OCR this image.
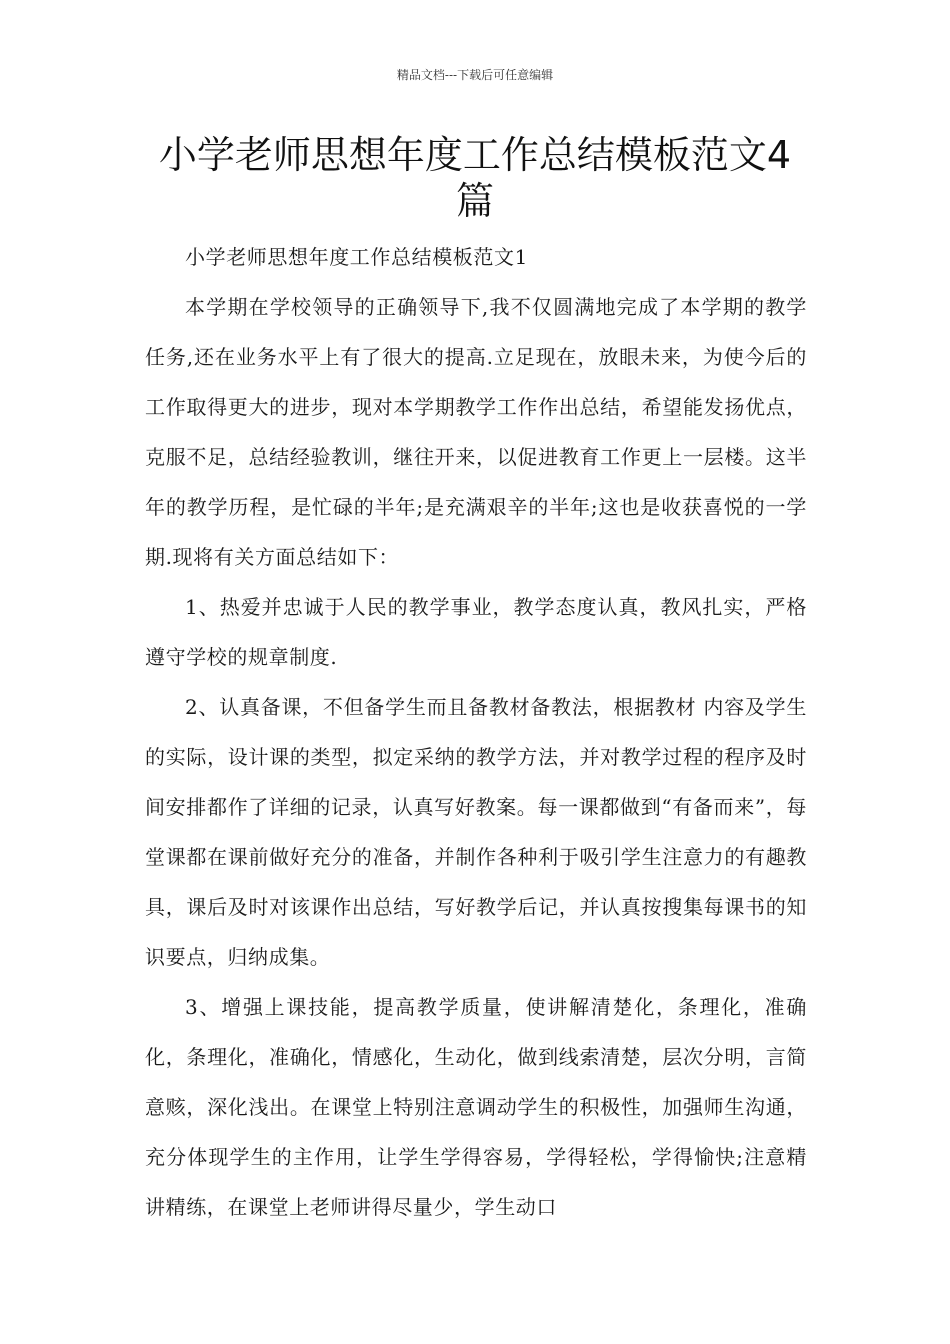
精品文档---下载后可任意编辑
小学老师思想年度工作总结模板范文4篇

小学老师思想年度工作总结模板范文1

本学期在学校领导的正确领导下,我不仅圆满地完成了本学期的教学任务,还在业务水平上有了很大的提高.立足现在，放眼未来，为使今后的工作取得更大的进步，现对本学期教学工作作出总结，希望能发扬优点，克服不足，总结经验教训，继往开来，以促进教育工作更上一层楼。这半年的教学历程，是忙碌的半年;是充满艰辛的半年;这也是收获喜悦的一学期.现将有关方面总结如下：

1、热爱并忠诚于人民的教学事业，教学态度认真，教风扎实，严格遵守学校的规章制度.

2、认真备课，不但备学生而且备教材备教法，根据教材 内容及学生的实际，设计课的类型，拟定采纳的教学方法，并对教学过程的程序及时间安排都作了详细的记录，认真写好教案。每一课都做到“有备而来”，每堂课都在课前做好充分的准备，并制作各种利于吸引学生注意力的有趣教具，课后及时对该课作出总结，写好教学后记，并认真按搜集每课书的知识要点，归纳成集。

3、增强上课技能，提高教学质量，使讲解清楚化，条理化，准确化，条理化，准确化，情感化，生动化，做到线索清楚，层次分明，言简意赅，深化浅出。在课堂上特别注意调动学生的积极性，加强师生沟通，充分体现学生的主作用，让学生学得容易，学得轻松，学得愉快;注意精讲精练，在课堂上老师讲得尽量少，学生动口
